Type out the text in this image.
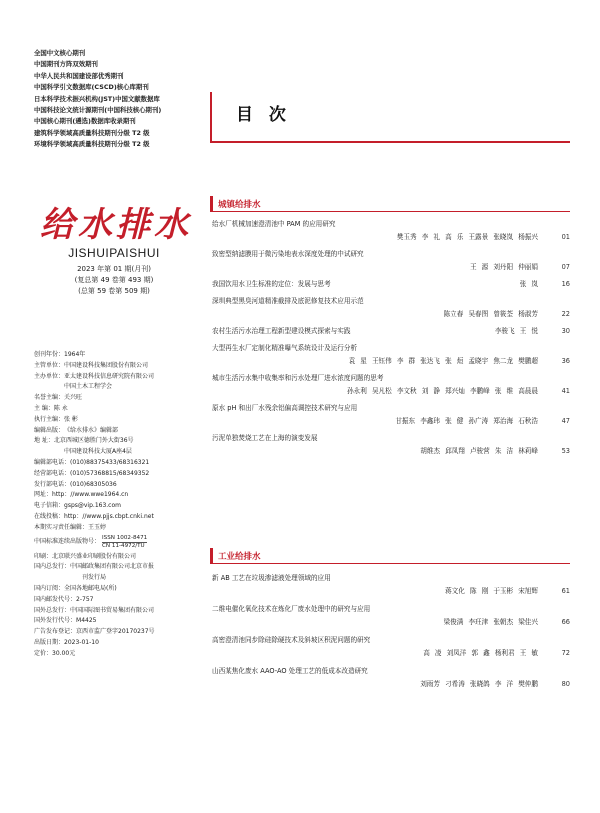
全国中文核心期刊
中国期刊方阵双效期刊
中华人民共和国建设部优秀期刊
中国科学引文数据库(CSCD)核心库期刊
日本科学技术振兴机构(JST)中国文献数据库
中国科技论文统计源期刊(中国科技核心期刊)
中国核心期刊(遴选)数据库收录期刊
建筑科学领域高质量科技期刊分级 T2 级
环境科学领域高质量科技期刊分级 T2 级
给水排水
JISHUIPAISHUI
2023 年第 01 期(月刊)
(复总第 49 卷第 493 期)
(总第 59 卷第 509 期)
创刊年份： 1964年
主管单位： 中国建设科技集团股份有限公司
主办单位： 亚太建设科技信息研究院有限公司
中国土木工程学会
名誉主编： 关兴旺
主 编： 陈 永
执行主编： 张 彬
编辑出版： 《给水排水》编辑部
地 址： 北京西城区德胜门外大街36号
中国建设科技大厦A座4层
编辑部电话： (010)88375433/68316321
经营部电话： (010)57368815/68349352
发行部电话： (010)68305036
网址： http：//www.wwe1964.cn
电子信箱： gsps@vip.163.com
在线投稿： http：//www.pjjs.cbpt.cnki.net
本期实习责任编辑： 王玉婷
中国标准连续出版物号：
ISSN 1002-8471
CN 11-4972/TU
印刷： 北京联兴盛业印刷股份有限公司
国内总发行： 中国邮政集团有限公司北京市报
刊发行局
国内订阅： 全国各地邮电局(所)
国内邮发代号： 2-757
国外总发行： 中国国际图书贸易集团有限公司
国外发行代号： M4425
广告发布登记： 京西市监广登字20170237号
出版日期： 2023-01-10
定价： 30.00元
目 次
城镇给排水
给水厂机械加速澄清池中 PAM 的应用研究
樊玉秀 李 礼 高 乐 王露景 张晓岚 杨振兴	01
致密型纳滤膜用于微污染地表水深度处理的中试研究
王 源 刘丹阳 仲丽娟	07
我国饮用水卫生标准的定位：发展与思考	张 岚	16
深圳典型黑臭河道精准截排及底泥修复技术应用示范
陈立春 吴春图 曾筱荃 杨淑芳	22
农村生活污水治理工程新型建设模式探索与实践	李骏飞 王 悦	30
大型再生水厂定制化精准曝气系统设计及运行分析
袁 星 王钰伟 李 群 张达飞 张 烜 孟晓宇 焦二龙 樊鹏超	36
城市生活污水集中收集率和污水处理厂进水浓度问题的思考
孙永利 吴凡松 李文秋 刘 静 郑兴灿 李鹏峰 张 维 高晨晨	41
原水 pH 和出厂水残余铝偏高调控技术研究与应用
甘振东 李鑫玮 张 健 孙广涛 郑治海 石秋浩	47
污泥单独焚烧工艺在上海的演变发展
胡维杰 邱凤翔 卢骏营 朱 洁 林莉峰	53
工业给排水
新 AB 工艺在垃圾渗滤液处理领域的应用
蒋文化 陈 刚 于玉彬 宋旭辉	61
二维电催化氧化技术在炼化厂废水处理中的研究与应用
梁俊满 李玨津 张朝杰 梁佳兴	66
高密澄清池同步除硅除硬技术及斜坡区积泥问题的研究
高 凌 刘凤洋 郭 鑫 杨利君 王 敏	72
山西某焦化废水 AAO-AO 处理工艺的低成本改造研究
刘雨芳 刁希涛 张晓鸽 李 洋 樊仲鹏	80
